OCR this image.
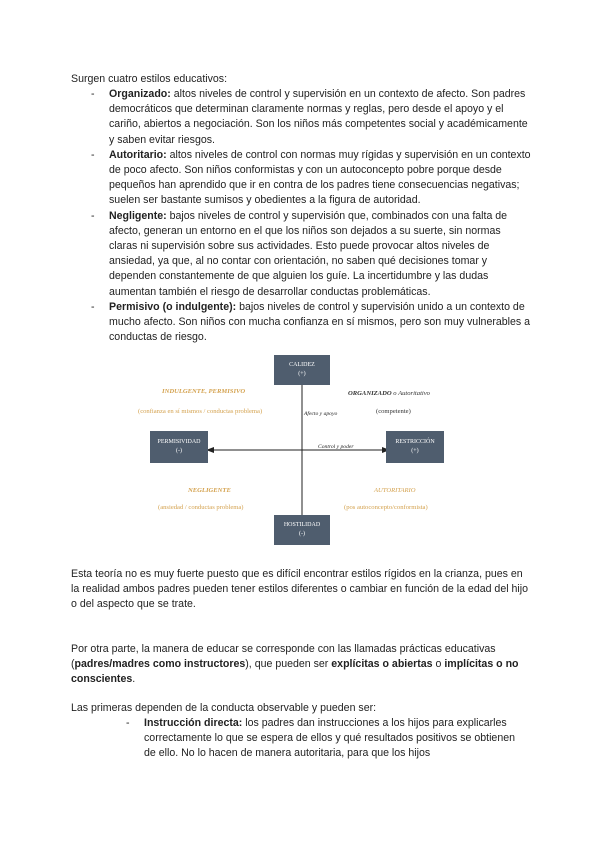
Surgen cuatro estilos educativos:

- Organizado: altos niveles de control y supervisión en un contexto de afecto. Son padres democráticos que determinan claramente normas y reglas, pero desde el apoyo y el cariño, abiertos a negociación. Son los niños más competentes social y académicamente y saben evitar riesgos.
- Autoritario: altos niveles de control con normas muy rígidas y supervisión en un contexto de poco afecto. Son niños conformistas y con un autoconcepto pobre porque desde pequeños han aprendido que ir en contra de los padres tiene consecuencias negativas; suelen ser bastante sumisos y obedientes a la figura de autoridad.
- Negligente: bajos niveles de control y supervisión que, combinados con una falta de afecto, generan un entorno en el que los niños son dejados a su suerte, sin normas claras ni supervisión sobre sus actividades. Esto puede provocar altos niveles de ansiedad, ya que, al no contar con orientación, no saben qué decisiones tomar y dependen constantemente de que alguien los guíe. La incertidumbre y las dudas aumentan también el riesgo de desarrollar conductas problemáticas.
- Permisivo (o indulgente): bajos niveles de control y supervisión unido a un contexto de mucho afecto. Son niños con mucha confianza en sí mismos, pero son muy vulnerables a conductas de riesgo.
CALIDEZ
(+)
HOSTILIDAD
(-)
PERMISIVIDAD
(-)
RESTRICCIÓN
(+)
Afecto y apoyo
Control y poder
INDULGENTE, PERMISIVO
(confianza en sí mismos / conductas problema)
ORGANIZADO o Autoritativo
(competente)
NEGLIGENTE
(ansiedad / conductas problema)
AUTORITARIO
(pos autoconcepto/conformista)

Esta teoría no es muy fuerte puesto que es difícil encontrar estilos rígidos en la crianza, pues en la realidad ambos padres pueden tener estilos diferentes o cambiar en función de la edad del hijo o del aspecto que se trate.

Por otra parte, la manera de educar se corresponde con las llamadas prácticas educativas (padres/madres como instructores), que pueden ser explícitas o abiertas o implícitas o no conscientes.

Las primeras dependen de la conducta observable y pueden ser:

- Instrucción directa: los padres dan instrucciones a los hijos para explicarles correctamente lo que se espera de ellos y qué resultados positivos se obtienen de ello. No lo hacen de manera autoritaria, para que los hijos
